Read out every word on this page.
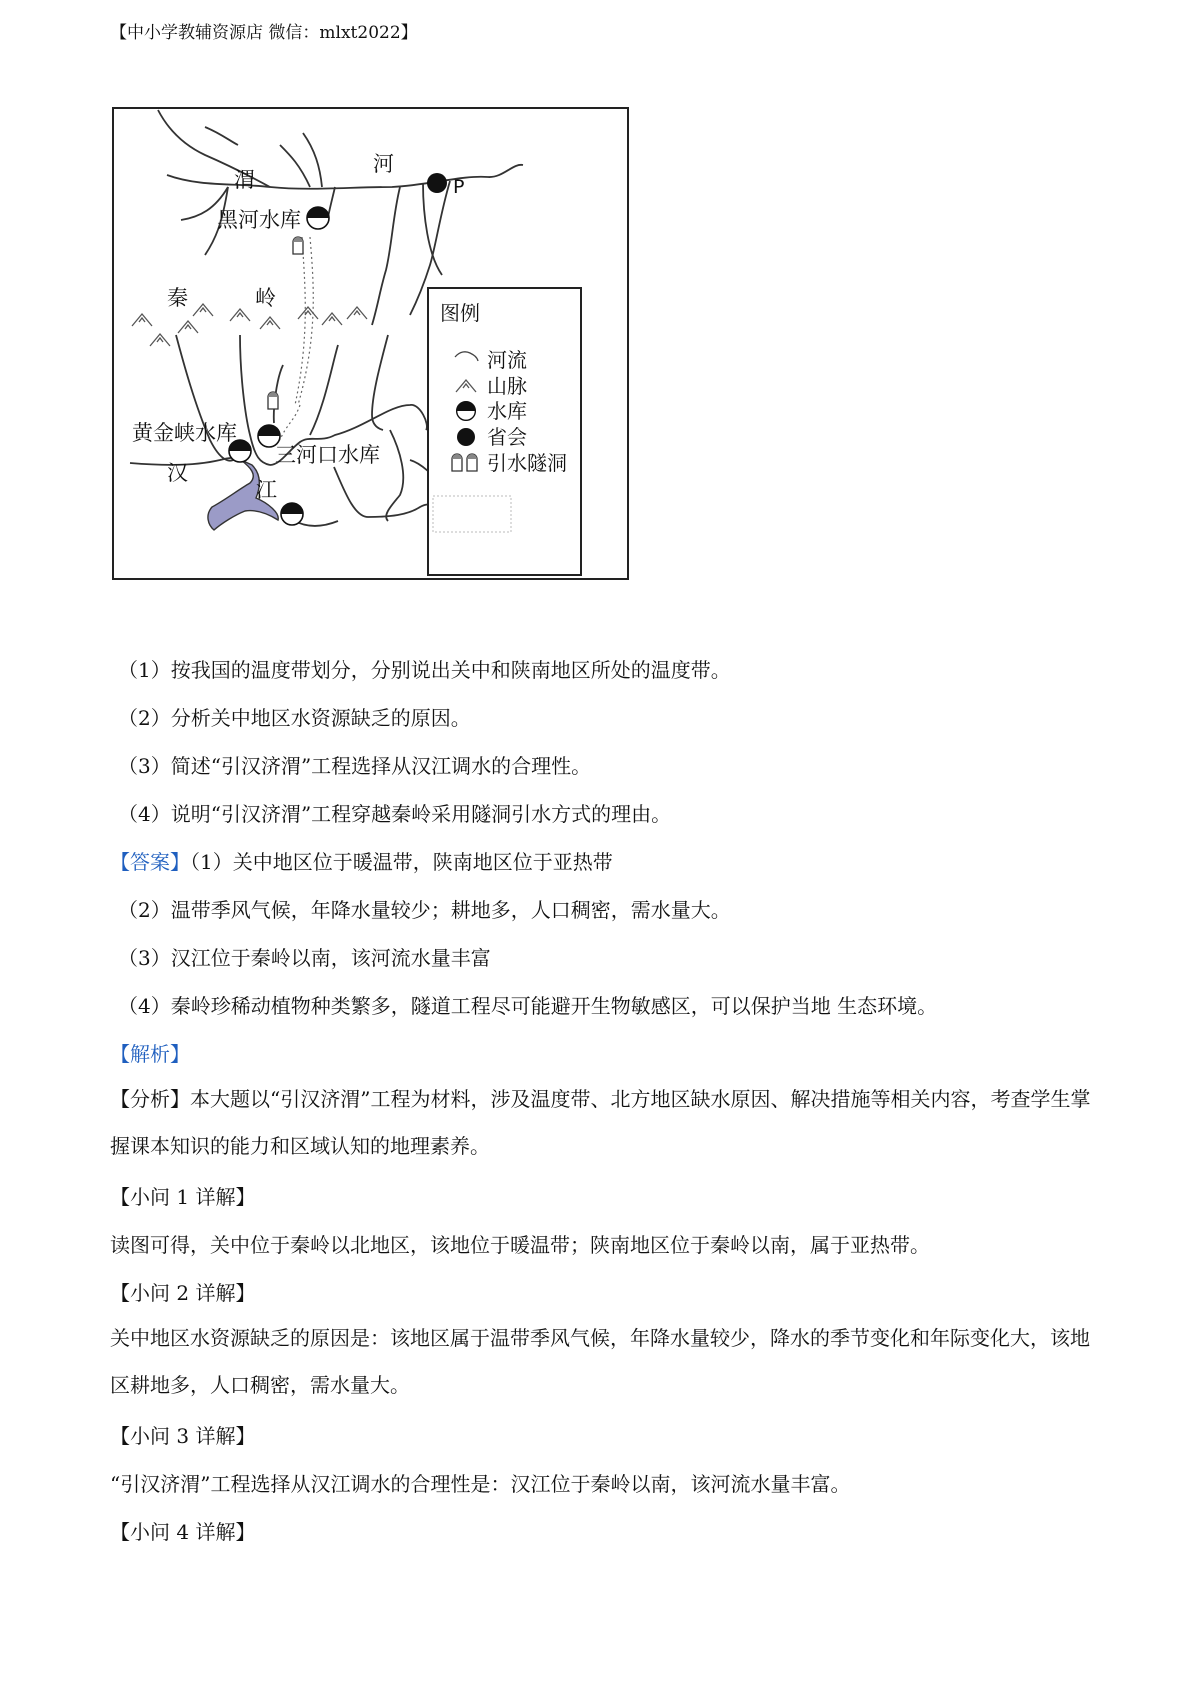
【中小学教辅资源店 微信：mlxt2022】
渭
河
P
黑河水库
秦	岭
黄金峡水库
三河口水库
汉
江
图例
河流
山脉
水库
省会
引水隧洞
（1）按我国的温度带划分，分别说出关中和陕南地区所处的温度带。
（2）分析关中地区水资源缺乏的原因。
（3）简述“引汉济渭”工程选择从汉江调水的合理性。
（4）说明“引汉济渭”工程穿越秦岭采用隧洞引水方式的理由。
【答案】（1）关中地区位于暖温带，陕南地区位于亚热带
（2）温带季风气候，年降水量较少；耕地多，人口稠密，需水量大。
（3）汉江位于秦岭以南，该河流水量丰富
（4）秦岭珍稀动植物种类繁多，隧道工程尽可能避开生物敏感区，可以保护当地 生态环境。
【解析】
【分析】本大题以“引汉济渭”工程为材料，涉及温度带、北方地区缺水原因、解决措施等相关内容，考查学生掌握课本知识的能力和区域认知的地理素养。
【小问 1 详解】
读图可得，关中位于秦岭以北地区，该地位于暖温带；陕南地区位于秦岭以南，属于亚热带。
【小问 2 详解】
关中地区水资源缺乏的原因是：该地区属于温带季风气候，年降水量较少，降水的季节变化和年际变化大，该地区耕地多，人口稠密，需水量大。
【小问 3 详解】
“引汉济渭”工程选择从汉江调水的合理性是：汉江位于秦岭以南，该河流水量丰富。
【小问 4 详解】
